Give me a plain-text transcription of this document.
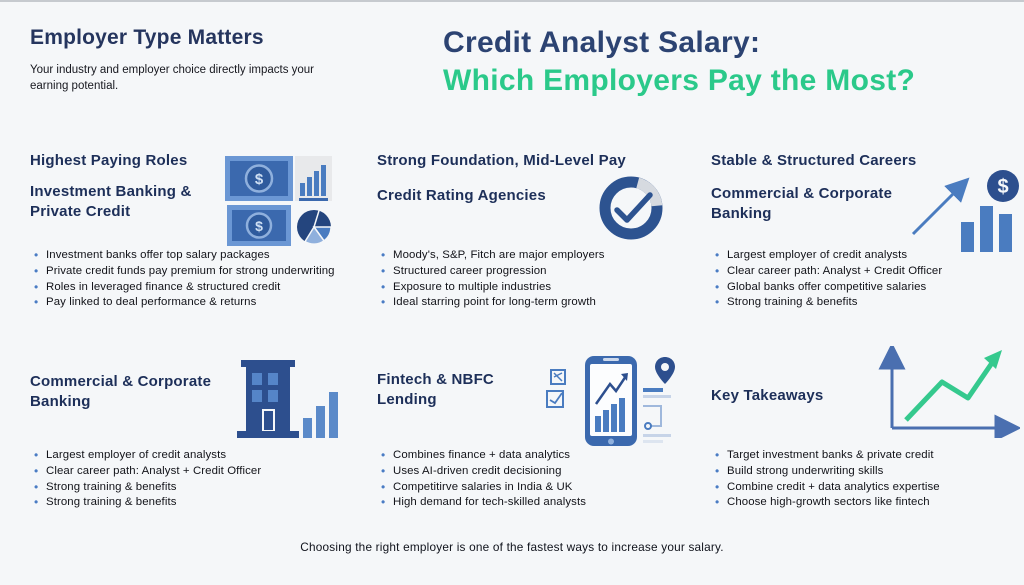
Employer Type Matters
Your industry and employer choice directly impacts your earning potential.
Credit Analyst Salary:
Which Employers Pay the Most?
Highest Paying Roles
Investment Banking & Private Credit
$
$
• Investment banks offer top salary packages
• Private credit funds pay premium for strong underwriting
• Roles in leveraged finance & structured credit
• Pay linked to deal performance & returns
Strong Foundation, Mid-Level Pay
Credit Rating Agencies
• Moody's, S&P, Fitch are major employers
• Structured career progression
• Exposure to multiple industries
• Ideal starring point for long-term growth
Stable & Structured Careers
Commercial & Corporate Banking
$
• Largest employer of credit analysts
• Clear career path: Analyst + Credit Officer
• Global banks offer competitive salaries
• Strong training & benefits
Commercial & Corporate Banking
• Largest employer of credit analysts
• Clear career path: Analyst + Credit Officer
• Strong training & benefits
• Strong training & benefits
Fintech & NBFC Lending
• Combines finance + data analytics
• Uses AI-driven credit decisioning
• Competitirve salaries in India & UK
• High demand for tech-skilled analysts
Key Takeaways
• Target investment banks & private credit
• Build strong underwriting skills
• Combine credit + data analytics expertise
• Choose high-growth sectors like fintech
Choosing the right employer is one of the fastest ways to increase your salary.
